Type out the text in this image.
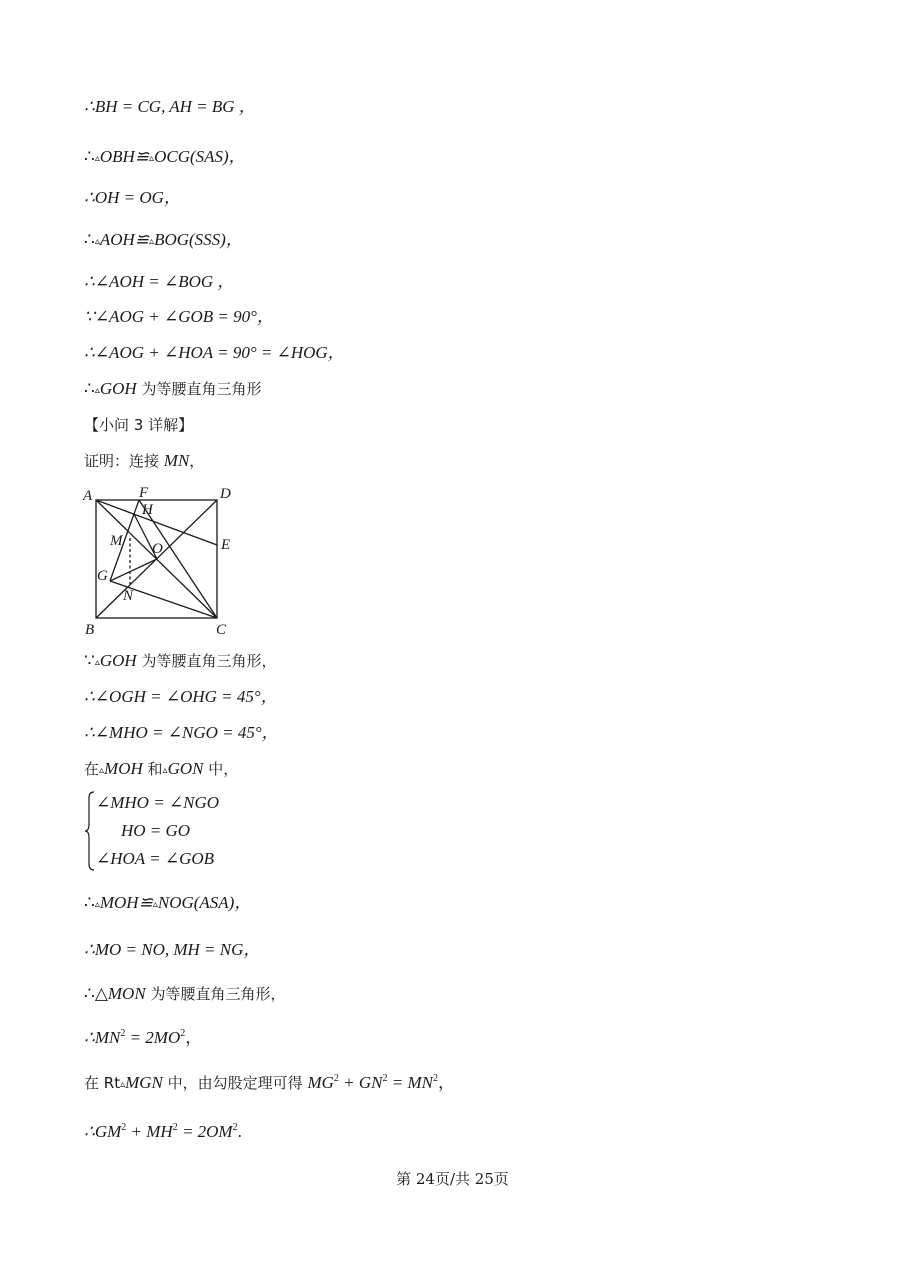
∴BH = CG, AH = BG ，
∴▵OBH≌▵OCG(SAS)，
∴OH = OG，
∴▵AOH≌▵BOG(SSS)，
∴∠AOH = ∠BOG ，
∵∠AOG + ∠GOB = 90°，
∴∠AOG + ∠HOA = 90° = ∠HOG，
∴▵GOH 为等腰直角三角形
【小问 3 详解】
证明：连接 MN，
A	D
F
H
M O	E
G
N
B	C
∵▵GOH 为等腰直角三角形，
∴∠OGH = ∠OHG = 45°，
∴∠MHO = ∠NGO = 45°，
在▵MOH 和▵GON 中，
∠MHO = ∠NGO
HO = GO
∠HOA = ∠GOB
∴▵MOH≌▵NOG(ASA)，
∴MO = NO, MH = NG，
∴△MON 为等腰直角三角形，
$\therefore MN^2 = 2MO^2$，
在 Rt▵MGN 中，由勾股定理可得 $MG^2 + GN^2 = MN^2$，
$\therefore GM^2 + MH^2 = 2OM^2$.
第 24页/共 25页
